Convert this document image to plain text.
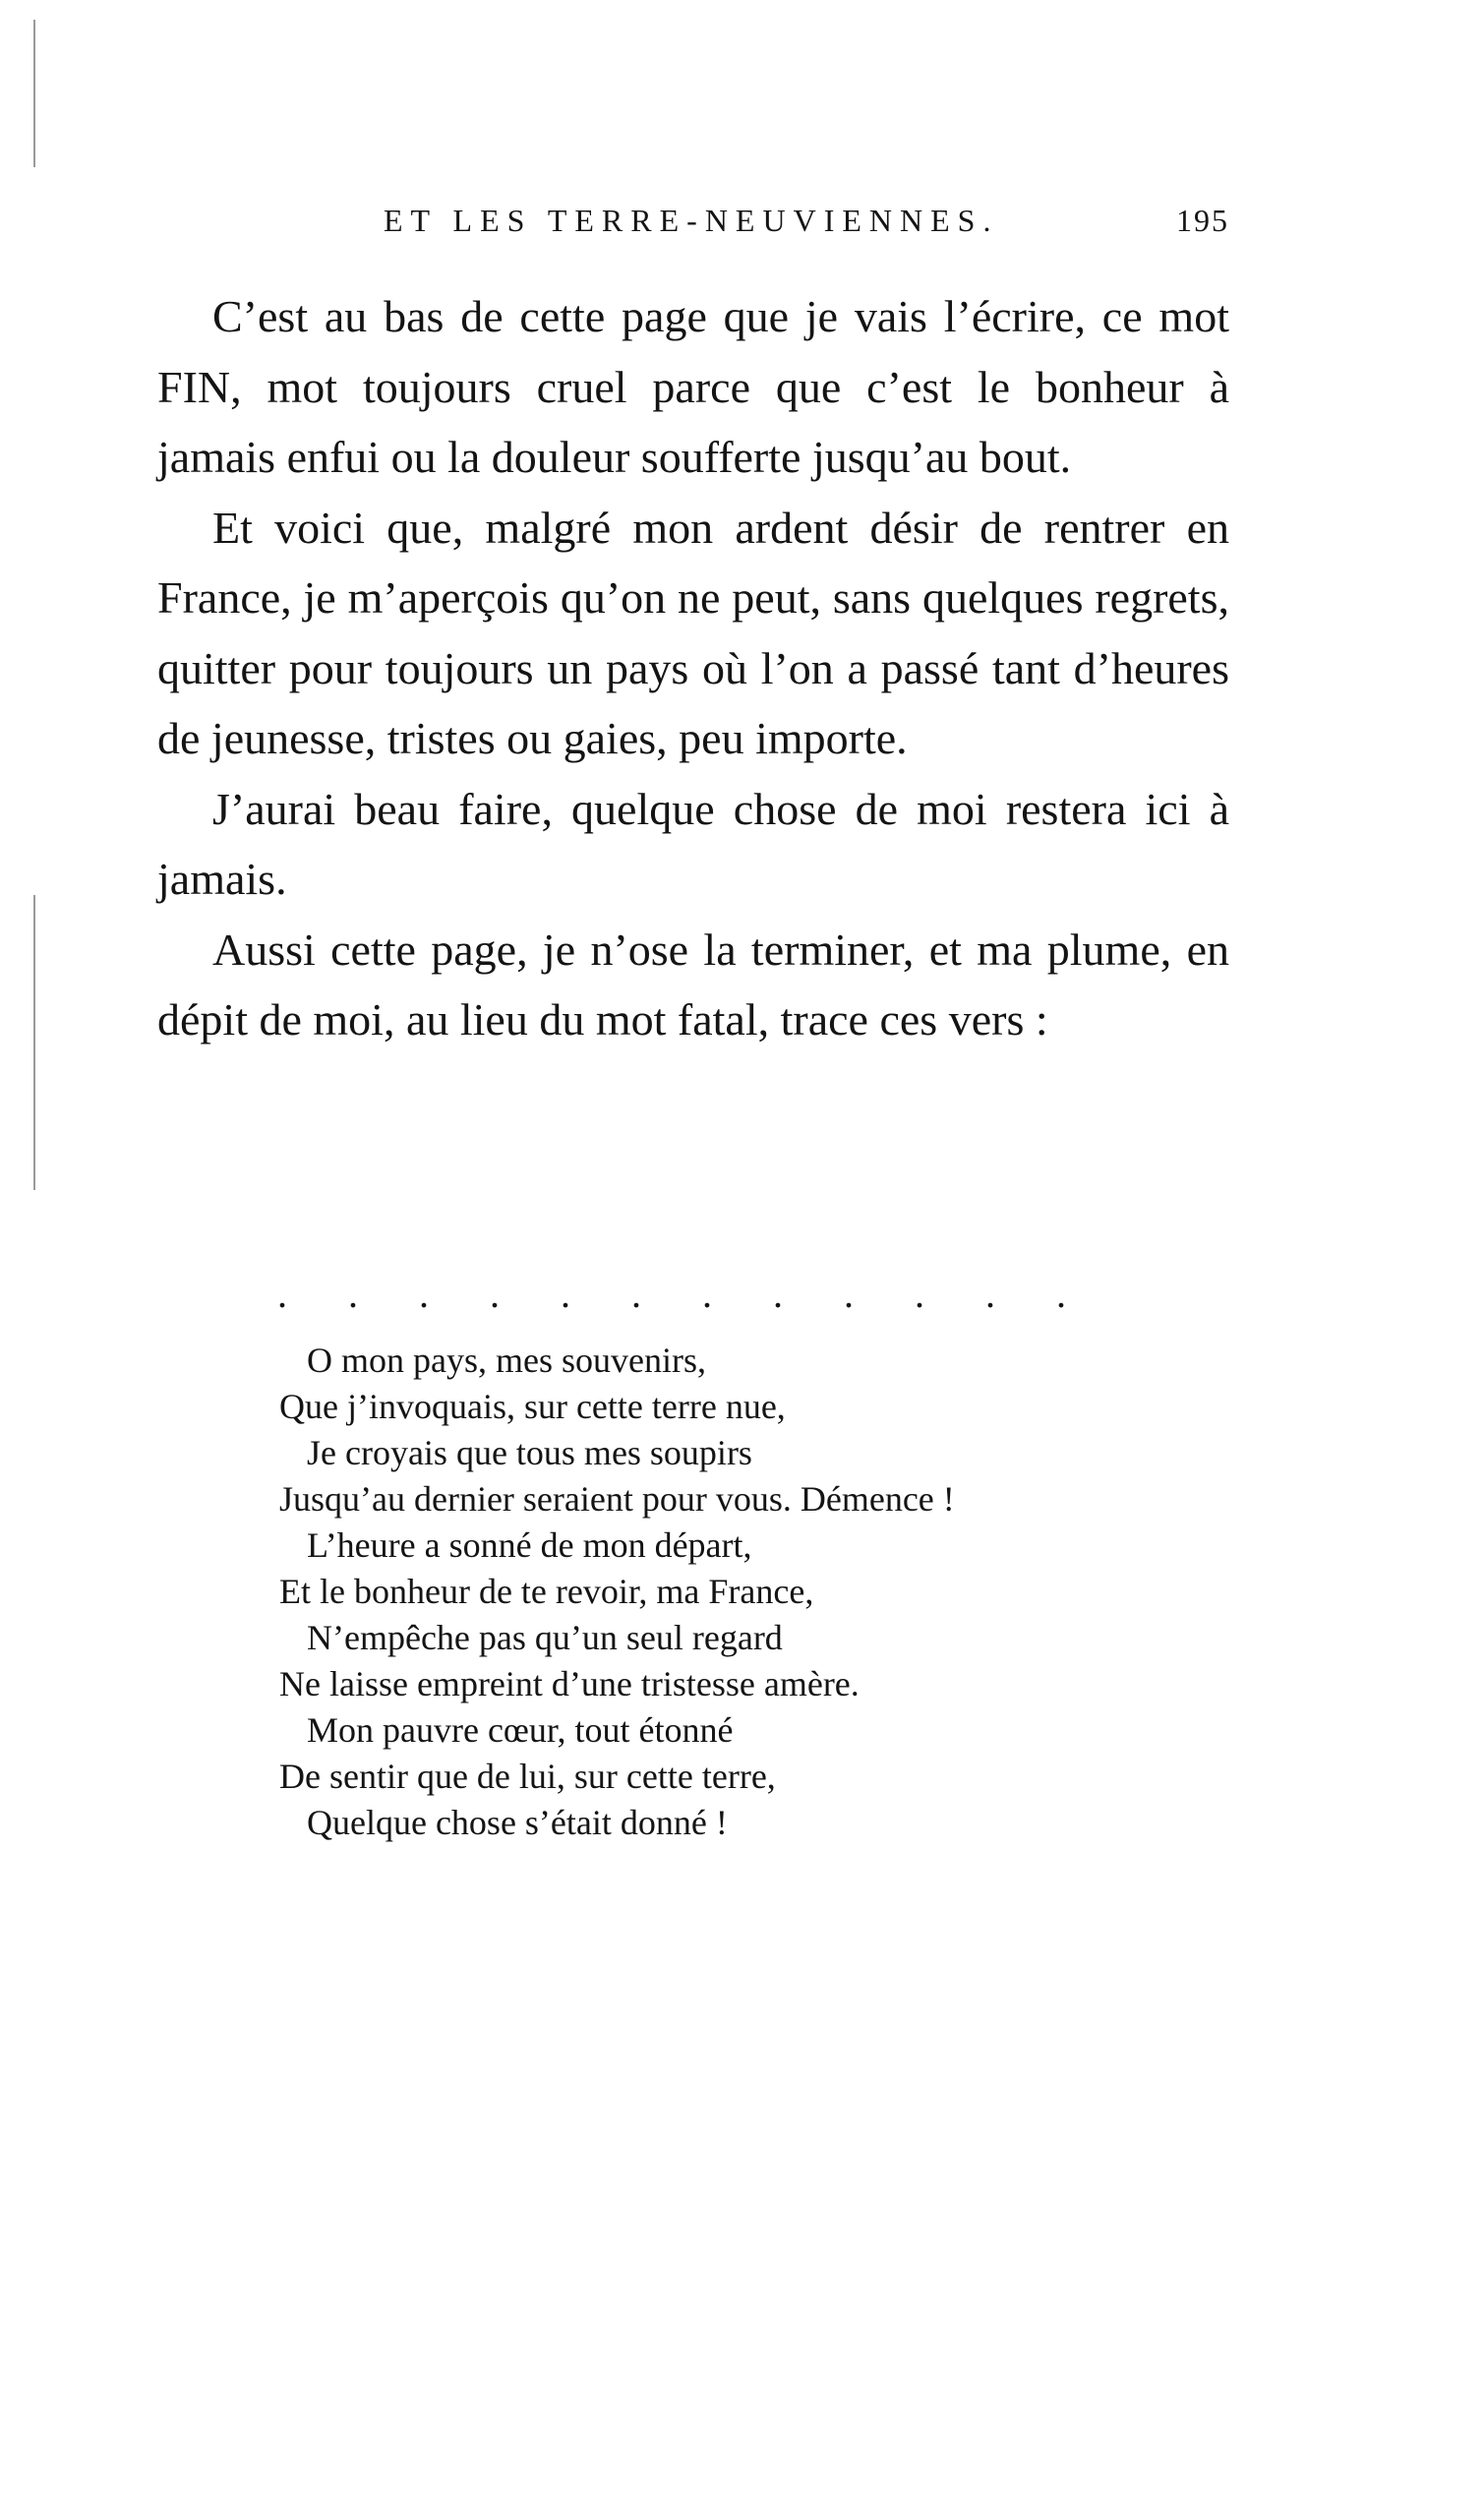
ET LES TERRE-NEUVIENNES.	195

C’est au bas de cette page que je vais l’écrire, ce mot FIN, mot toujours cruel parce que c’est le bonheur à jamais enfui ou la douleur soufferte jusqu’au bout.

Et voici que, malgré mon ardent désir de rentrer en France, je m’aperçois qu’on ne peut, sans quelques regrets, quitter pour toujours un pays où l’on a passé tant d’heures de jeunesse, tristes ou gaies, peu importe.

J’aurai beau faire, quelque chose de moi restera ici à jamais.

Aussi cette page, je n’ose la terminer, et ma plume, en dépit de moi, au lieu du mot fatal, trace ces vers :

. . . . . . . . . . . .
O mon pays, mes souvenirs,
Que j’invoquais, sur cette terre nue,
Je croyais que tous mes soupirs
Jusqu’au dernier seraient pour vous. Démence !
L’heure a sonné de mon départ,
Et le bonheur de te revoir, ma France,
N’empêche pas qu’un seul regard
Ne laisse empreint d’une tristesse amère.
Mon pauvre cœur, tout étonné
De sentir que de lui, sur cette terre,
Quelque chose s’était donné !
